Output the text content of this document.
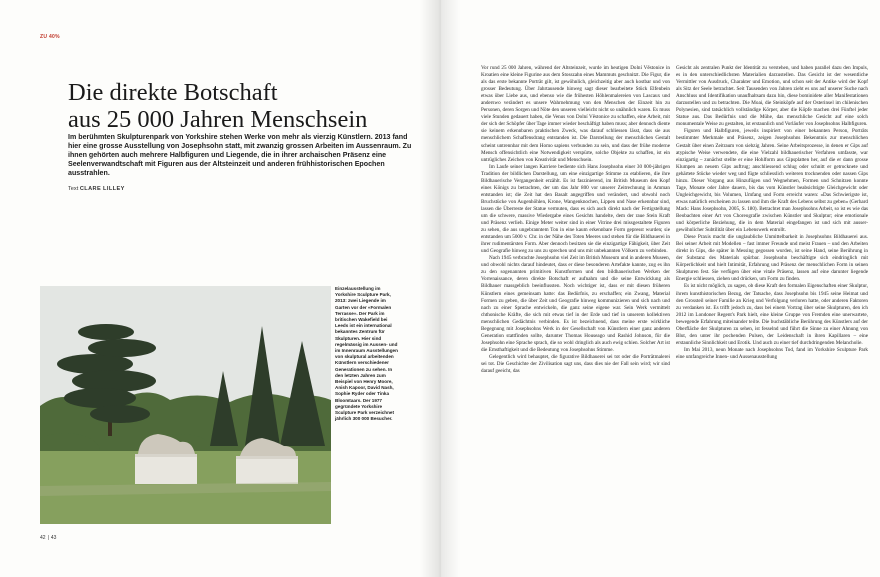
ZU 40%
Die direkte Botschaft
aus 25 000 Jahren Menschsein

Im berühmten Skulpturenpark von Yorkshire stehen Werke von mehr als vierzig Künstlern. 2013 fand hier eine grosse Ausstellung von Josephsohn statt, mit zwanzig grossen Arbeiten im Aussenraum. Zu ihnen gehörten auch mehrere Halbfiguren und Liegende, die in ihrer archaischen Präsenz eine Seelenverwandtschaft mit Figuren aus der Altsteinzeit und anderen frühhistorischen Epochen ausstrahlen.

Text CLARE LILLEY

Einzelausstellung im Yorkshire Sculpture Park, 2013: zwei Liegende im Garten vor der «Formalen Terrasse». Der Park im britischen Wakefield bei Leeds ist ein international bekanntes Zentrum für Skulpturen. Hier sind regelmässig im Aussen- und im Innenraum Ausstellungen von skulptural arbeitenden Künstlern verschiedener Generationen zu sehen. In den letzten Jahren zum Beispiel von Henry Moore, Anish Kapoor, David Nash, Sophie Ryder oder Tinka Bloomtaars. Der 1977 gegründete Yorkshire Sculpture Park verzeichnet jährlich 300 000 Besucher.

42 | 43

Vor rund 25 000 Jahren, während der Altsteinzeit, wurde im heutigen Dolní Věstonice in Kroatien eine kleine Figurine aus dem Stosszahn eines Mammuts geschnitzt. Die Figur, die als das erste bekannte Porträt gilt, ist gewöhnlich, gleichzeitig aber auch kostbar und von grosser Bedeutung. Über Jahrtausende hinweg sagt dieser bearbeitete Stück Elfenbein etwas über Liebe aus, und ebenso wie die frühesten Höhlenmalereien von Lascaux und anderswo verändert es unsere Wahrnehmung von den Menschen der Einzeit hin zu Personen, deren Sorgen und Nöte den unseren vielleicht nicht so unähnlich waren. Es muss viele Stunden gedauert haben, die Venus von Dolní Věstonice zu schaffen, eine Arbeit, mit der sich der Schöpfer über Tage immer wieder beschäftigt haben muss; aber dennoch diente sie keinem erkennbaren praktischen Zweck, was darauf schliessen lässt, dass sie aus menschlichem Schaffensdrang entstanden ist. Die Darstellung der menschlichen Gestalt scheint untrennbar mit dem Homo sapiens verbunden zu sein, und dass der frühe moderne Mensch offensichtlich eine Notwendigkeit verspürte, solche Objekte zu schaffen, ist ein untrügliches Zeichen von Kreativität und Menschsein.

Im Laufe seiner langen Karriere bediente sich Hans Josephsohn einer 30 000-jährigen Tradition der bildlichen Darstellung, um eine einzigartige Stimme zu etablieren, die ihre Bildhauerische Vergangenheit erzählt. Es ist faszinierend, im British Museum den Kopf eines Königs zu betrachten, der um das Jahr 800 vor unserer Zeitrechnung in Amman entstanden ist; die Zeit hat den Basalt angegriffen und verändert, und obwohl noch Bruchstücke von Augenhöhlen, Krone, Wangenknochen, Lippen und Nase erkennbar sind, lassen die Überreste der Statue vermuten, dass es sich auch direkt nach der Fertigstellung um die schwere, massive Wiedergabe eines Gesichts handelte, dem der raue Stein Kraft und Präsenz verlieh. Einige Meter weiter sind in einer Vitrine drei missgestaltete Figuren zu sehen, die aus ungebranntem Ton in eine kaum erkennbare Form gepresst wurden; sie entstanden um 5000 v. Chr. in der Nähe des Toten Meeres und stehen für die Bildhauerei in ihrer rudimentärsten Form. Aber dennoch besitzen sie die einzigartige Fähigkeit, über Zeit und Geografie hinweg zu uns zu sprechen und uns mit unbekannten Völkern zu verbinden.

Nach 1945 verbrachte Josephsohn viel Zeit im British Museum und in anderen Museen, und obwohl nichts darauf hindeutet, dass er diese besonderen Artefakte kannte, zog es ihn zu den sogenannten primitiven Kunstformen und den bildhauerischen Werken der Vorrenaissance, deren direkte Botschaft er aufnahm und die seine Entwicklung als Bildhauer massgeblich beeinflussten. Noch wichtiger ist, dass er mit diesen früheren Künstlern eines gemeinsam hatte: das Bedürfnis, zu erschaffen; ein Zwang, Material Formen zu geben, die über Zeit und Geografie hinweg kommunizieren und sich nach und nach zu einer Sprache entwickeln, die ganz seine eigene war. Sein Werk vermittelt chthonische Kräfte, die sich mit etwas tief in der Erde und tief in unserem kollektiven menschlichen Gedächtnis verbinden. Es ist bezeichnend, dass meine erste wirkliche Begegnung mit Josephsohns Werk in der Gesellschaft von Künstlern einer ganz anderen Generation stattfinden sollte, darunter Thomas Houseago und Rashid Johnson, für die Josephsohn eine Sprache sprach, die so wohl dringlich als auch ewig schien. Solcher Art ist die Ernsthaftigkeit und die Bedeutung von Josephsohns Stimme.

Gelegentlich wird behauptet, die figurative Bildhauerei sei tot oder die Porträtmalerei sei tot. Die Geschichte der Zivilisation sagt uns, dass dies nie der Fall sein wird; wir sind darauf geeicht, das

Gesicht als zentralen Punkt der Identität zu verstehen, und haben parallel dazu den Impuls, es in den unterschiedlichsten Materialien darzustellen. Das Gesicht ist der wesentliche Vermittler von Ausdruck, Charakter und Emotion, und schon seit der Antike wird der Kopf als Sitz der Seele betrachtet. Seit Tausenden von Jahren zieht es uns auf unserer Suche nach Anschluss und Identifikation unaufhaltsam dazu hin, diese bominidete aller Manifestationen darzustellen und zu betrachten. Die Moai, die Steinköpfe auf der Osterinsel im chilenischen Polynesien, sind tatsächlich vollständige Körper, aber die Köpfe machen drei Fünftel jeder Statue aus. Das Bedürfnis und die Mühe, das menschliche Gesicht auf eine solch monumentale Weise zu gestalten, ist erstaunlich und Vorläufer von Josephsohns Halbfiguren.

Figuren und Halbfiguren, jeweils inspiriert von einer bekannten Person, Porträts bestimmter Merkmale und Präsenz, zeigen Josephsohns Bekenntnis zur menschlichen Gestalt über einen Zeitraum von siebzig Jahren. Seine Arbeitsprozesse, in denen er Gips auf atypische Weise verwendete, die eine Vielzahl bildhauerischer Verfahren umfasste, war einzigartig – zunächst stellte er eine Hohlform aus Gipsplatten her, auf die er dann grosse Klumpen an neuem Gips auftrug; anschliessend schlug oder schnitt er getrocknete und gehärtete Stücke wieder weg und fügte schliesslich weiteren trocknenden oder nassen Gips hinzu. Dieser Vorgang aus Hinzufügen und Wegnehmen, Formen und Schnitzen konnte Tage, Monate oder Jahre dauern, bis das vom Künstler beabsichtigte Gleichgewicht oder Ungleichgewicht, bis Volumen, Umfang und Form erreicht waren: «Das Schwierigste ist, etwas natürlich erscheinen zu lassen und ihm die Kraft des Lebens selbst zu geben» (Gerhard Mack: Hans Josephsohn, 2005, S. 180). Betrachtet man Josephsohns Arbeit, so ist es wie das Beobachten einer Art von Choreografie zwischen Künstler und Skulptur; eine emotionale und körperliche Beziehung, die in dem Material eingefangen ist und sich mit aussergewöhnlicher Subtilität über ein Lebenswerk entrollt.

Diese Praxis macht die unglaubliche Unmittelbarkeit in Josephsohns Bildhauerei aus. Bei seiner Arbeit mit Modellen – fast immer Freunde und meist Frauen – und den Arbeiten direkt in Gips, die später in Messing gegossen wurden, ist seine Hand, seine Berührung in der Substanz des Materials spürbar. Josephsohn beschäftigte sich eindringlich mit Körperlichkeit und hielt Intimität, Erfahrung und Präsenz der menschlichen Form in seinen Skulpturen fest. Sie verfügen über eine vitale Präsenz, lassen auf eine darunter liegende Energie schliessen, ziehen und drücken, um Form zu finden.

Es ist nicht möglich, zu sagen, ob diese Kraft den formalen Eigenschaften einer Skulptur, ihrem kunsthistorischen Bezug, der Tatsache, dass Josephsohn bis 1945 seine Heimat und den Grossteil seiner Familie an Krieg und Verfolgung verloren hatte, oder anderen Faktoren zu verdanken ist. Es trifft jedoch zu, dass bei einem Vortrag über seine Skulpturen, den ich 2012 im Londoner Regent's Park hielt, eine kleine Gruppe von Fremden eine unerwartete, bewegende Erfahrung miteinander teilte. Die buchstäbliche Berührung des Künstlers auf der Oberfläche der Skulpturen zu sehen, ist fesselnd und führt die Sinne zu einer Ahnung von Blut, den unter ihr pochenden Pulsen, der Leidenschaft in ihren Kapillaren – eine erstaunliche Sinnlichkeit und Erotik. Und auch zu einer tief durchdringenden Melancholie.

Im Mai 2013, neun Monate nach Josephsohns Tod, fand im Yorkshire Sculpture Park eine umfangreiche Innen- und Aussenausstellung
